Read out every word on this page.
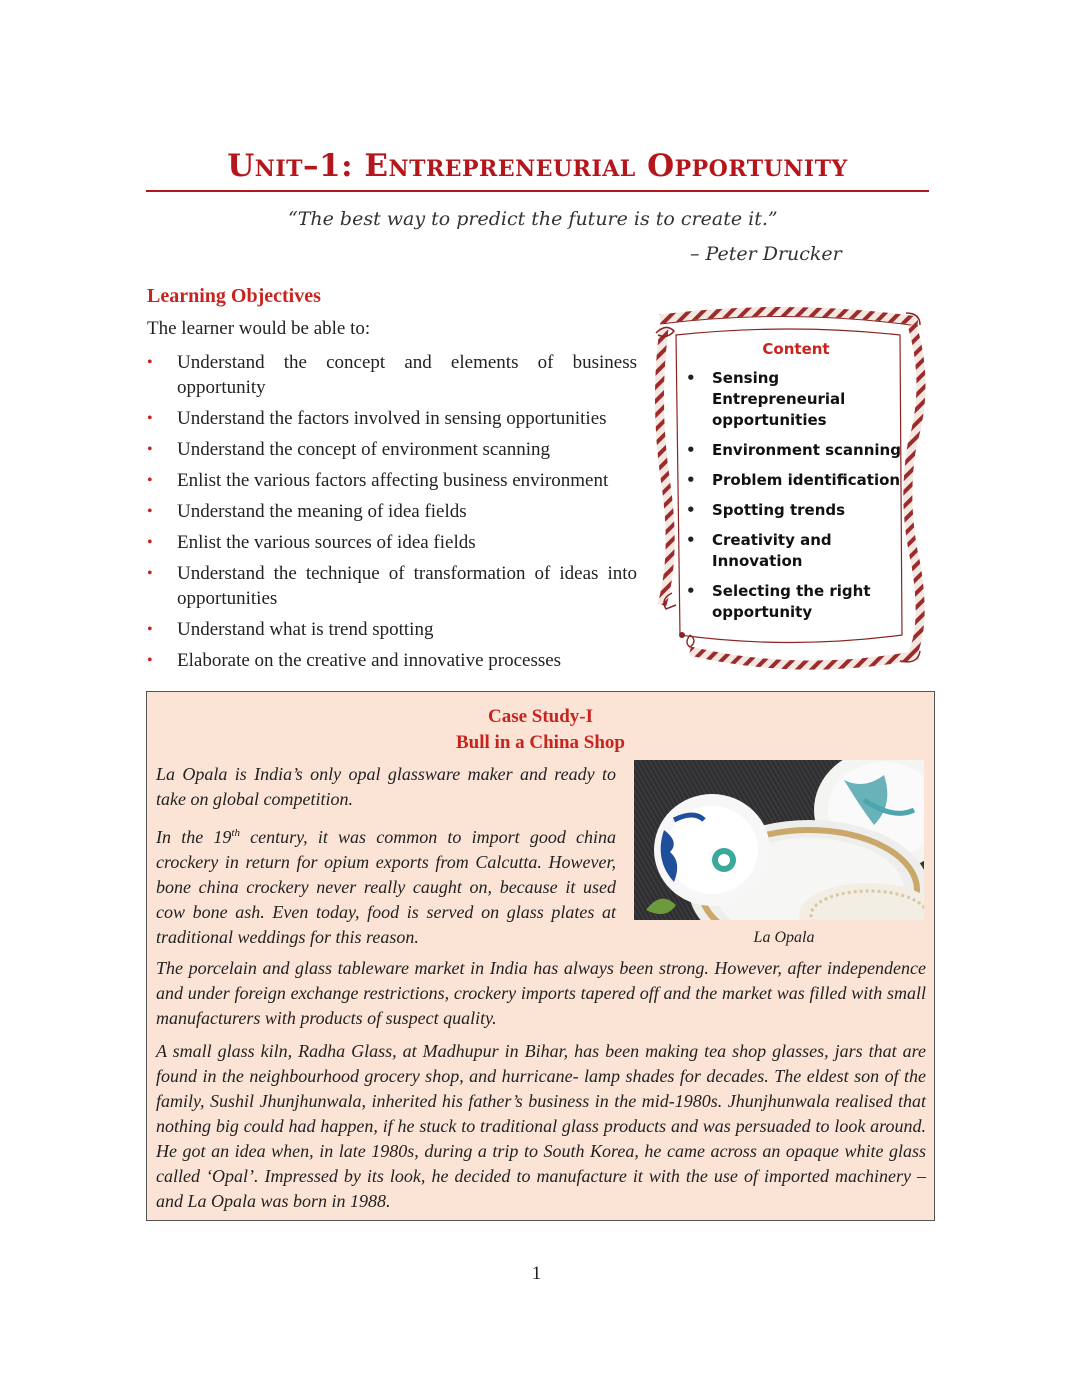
Unit–1: Entrepreneurial Opportunity
“The best way to predict the future is to create it.”
– Peter Drucker
Learning Objectives
The learner would be able to:
• Understand the concept and elements of business opportunity
• Understand the factors involved in sensing opportunities
• Understand the concept of environment scanning
• Enlist the various factors affecting business environment
• Understand the meaning of idea fields
• Enlist the various sources of idea fields
• Understand the technique of transformation of ideas into opportunities
• Understand what is trend spotting
• Elaborate on the creative and innovative processes
Content
• Sensing Entrepreneurial opportunities
• Environment scanning
• Problem identification
• Spotting trends
• Creativity and Innovation
• Selecting the right opportunity
Case Study-I
Bull in a China Shop

La Opala is India’s only opal glassware maker and ready to take on global competition.

In the 19th century, it was common to import good china crockery in return for opium exports from Calcutta. However, bone china crockery never really caught on, because it used cow bone ash. Even today, food is served on glass plates at traditional weddings for this reason.	La Opala

The porcelain and glass tableware market in India has always been strong. However, after independence and under foreign exchange restrictions, crockery imports tapered off and the market was filled with small manufacturers with products of suspect quality.

A small glass kiln, Radha Glass, at Madhupur in Bihar, has been making tea shop glasses, jars that are found in the neighbourhood grocery shop, and hurricane- lamp shades for decades. The eldest son of the family, Sushil Jhunjhunwala, inherited his father’s business in the mid-1980s. Jhunjhunwala realised that nothing big could had happen, if he stuck to traditional glass products and was persuaded to look around. He got an idea when, in late 1980s, during a trip to South Korea, he came across an opaque white glass called ‘Opal’. Impressed by its look, he decided to manufacture it with the use of imported machinery – and La Opala was born in 1988.

1
